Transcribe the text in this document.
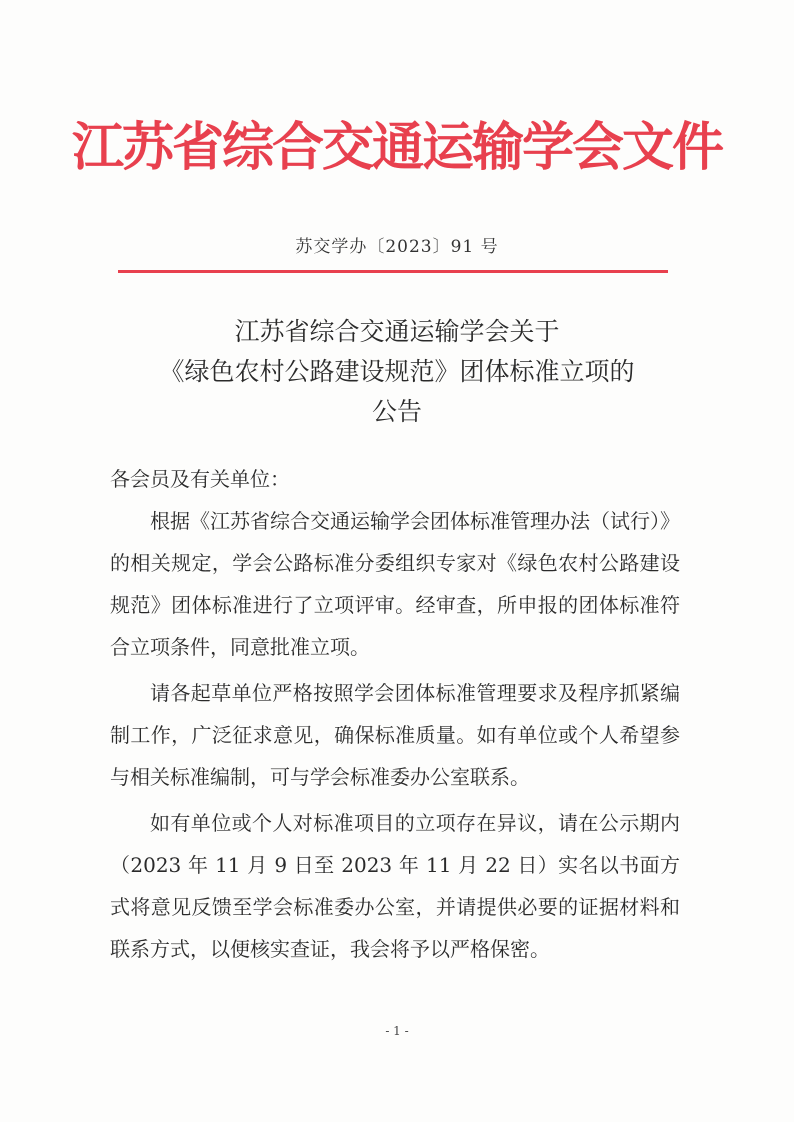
江苏省综合交通运输学会文件
苏交学办〔2023〕91 号
江苏省综合交通运输学会关于
《绿色农村公路建设规范》团体标准立项的
公告

各会员及有关单位：

根据《江苏省综合交通运输学会团体标准管理办法（试行）》的相关规定，学会公路标准分委组织专家对《绿色农村公路建设规范》团体标准进行了立项评审。经审查，所申报的团体标准符合立项条件，同意批准立项。

请各起草单位严格按照学会团体标准管理要求及程序抓紧编制工作，广泛征求意见，确保标准质量。如有单位或个人希望参与相关标准编制，可与学会标准委办公室联系。

如有单位或个人对标准项目的立项存在异议，请在公示期内（2023 年 11 月 9 日至 2023 年 11 月 22 日）实名以书面方式将意见反馈至学会标准委办公室，并请提供必要的证据材料和联系方式，以便核实查证，我会将予以严格保密。

- 1 -
